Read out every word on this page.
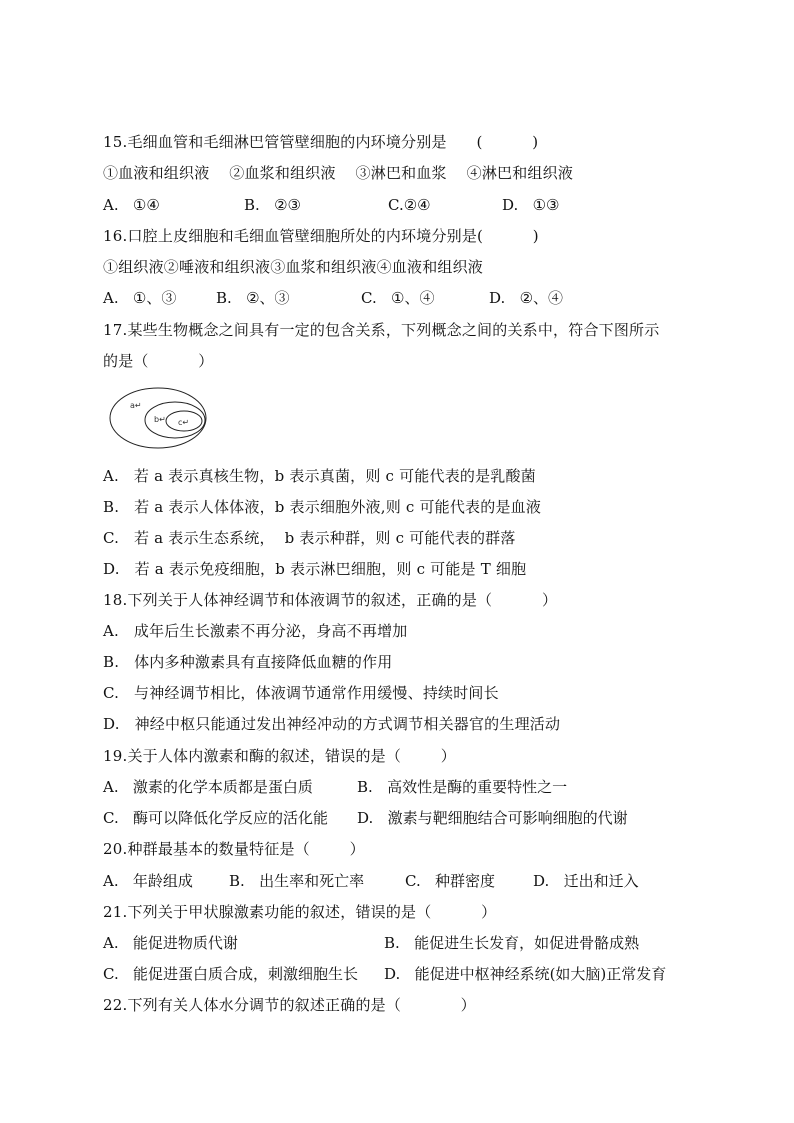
15.毛细血管和毛细淋巴管管壁细胞的内环境分别是      (          )
①血液和组织液    ②血浆和组织液    ③淋巴和血浆    ④淋巴和组织液
A.   ①④	B.   ②③	C.②④	D.   ①③
16.口腔上皮细胞和毛细血管壁细胞所处的内环境分别是(          )
①组织液②唾液和组织液③血浆和组织液④血液和组织液
A.   ①、③	B.   ②、③	C.   ①、④	D.   ②、④
17.某些生物概念之间具有一定的包含关系，下列概念之间的关系中，符合下图所示
的是（          ）
a↵
b↵ c↵
A.   若 a 表示真核生物，b 表示真菌，则 c 可能代表的是乳酸菌
B.   若 a 表示人体体液，b 表示细胞外液,则 c 可能代表的是血液
C.   若 a 表示生态系统，  b 表示种群，则 c 可能代表的群落
D.   若 a 表示免疫细胞，b 表示淋巴细胞，则 c 可能是 T 细胞
18.下列关于人体神经调节和体液调节的叙述，正确的是（          ）
A.   成年后生长激素不再分泌，身高不再增加
B.   体内多种激素具有直接降低血糖的作用
C.   与神经调节相比，体液调节通常作用缓慢、持续时间长
D.   神经中枢只能通过发出神经冲动的方式调节相关器官的生理活动
19.关于人体内激素和酶的叙述，错误的是（        ）
A.   激素的化学本质都是蛋白质	B.   高效性是酶的重要特性之一
C.   酶可以降低化学反应的活化能 D.   激素与靶细胞结合可影响细胞的代谢
20.种群最基本的数量特征是（        ）
A.   年龄组成 B.   出生率和死亡率	C.   种群密度	D.   迁出和迁入
21.下列关于甲状腺激素功能的叙述，错误的是（          ）
A.   能促进物质代谢	B.   能促进生长发育，如促进骨骼成熟
C.   能促进蛋白质合成，刺激细胞生长 D.   能促进中枢神经系统(如大脑)正常发育
22.下列有关人体水分调节的叙述正确的是（            ）
